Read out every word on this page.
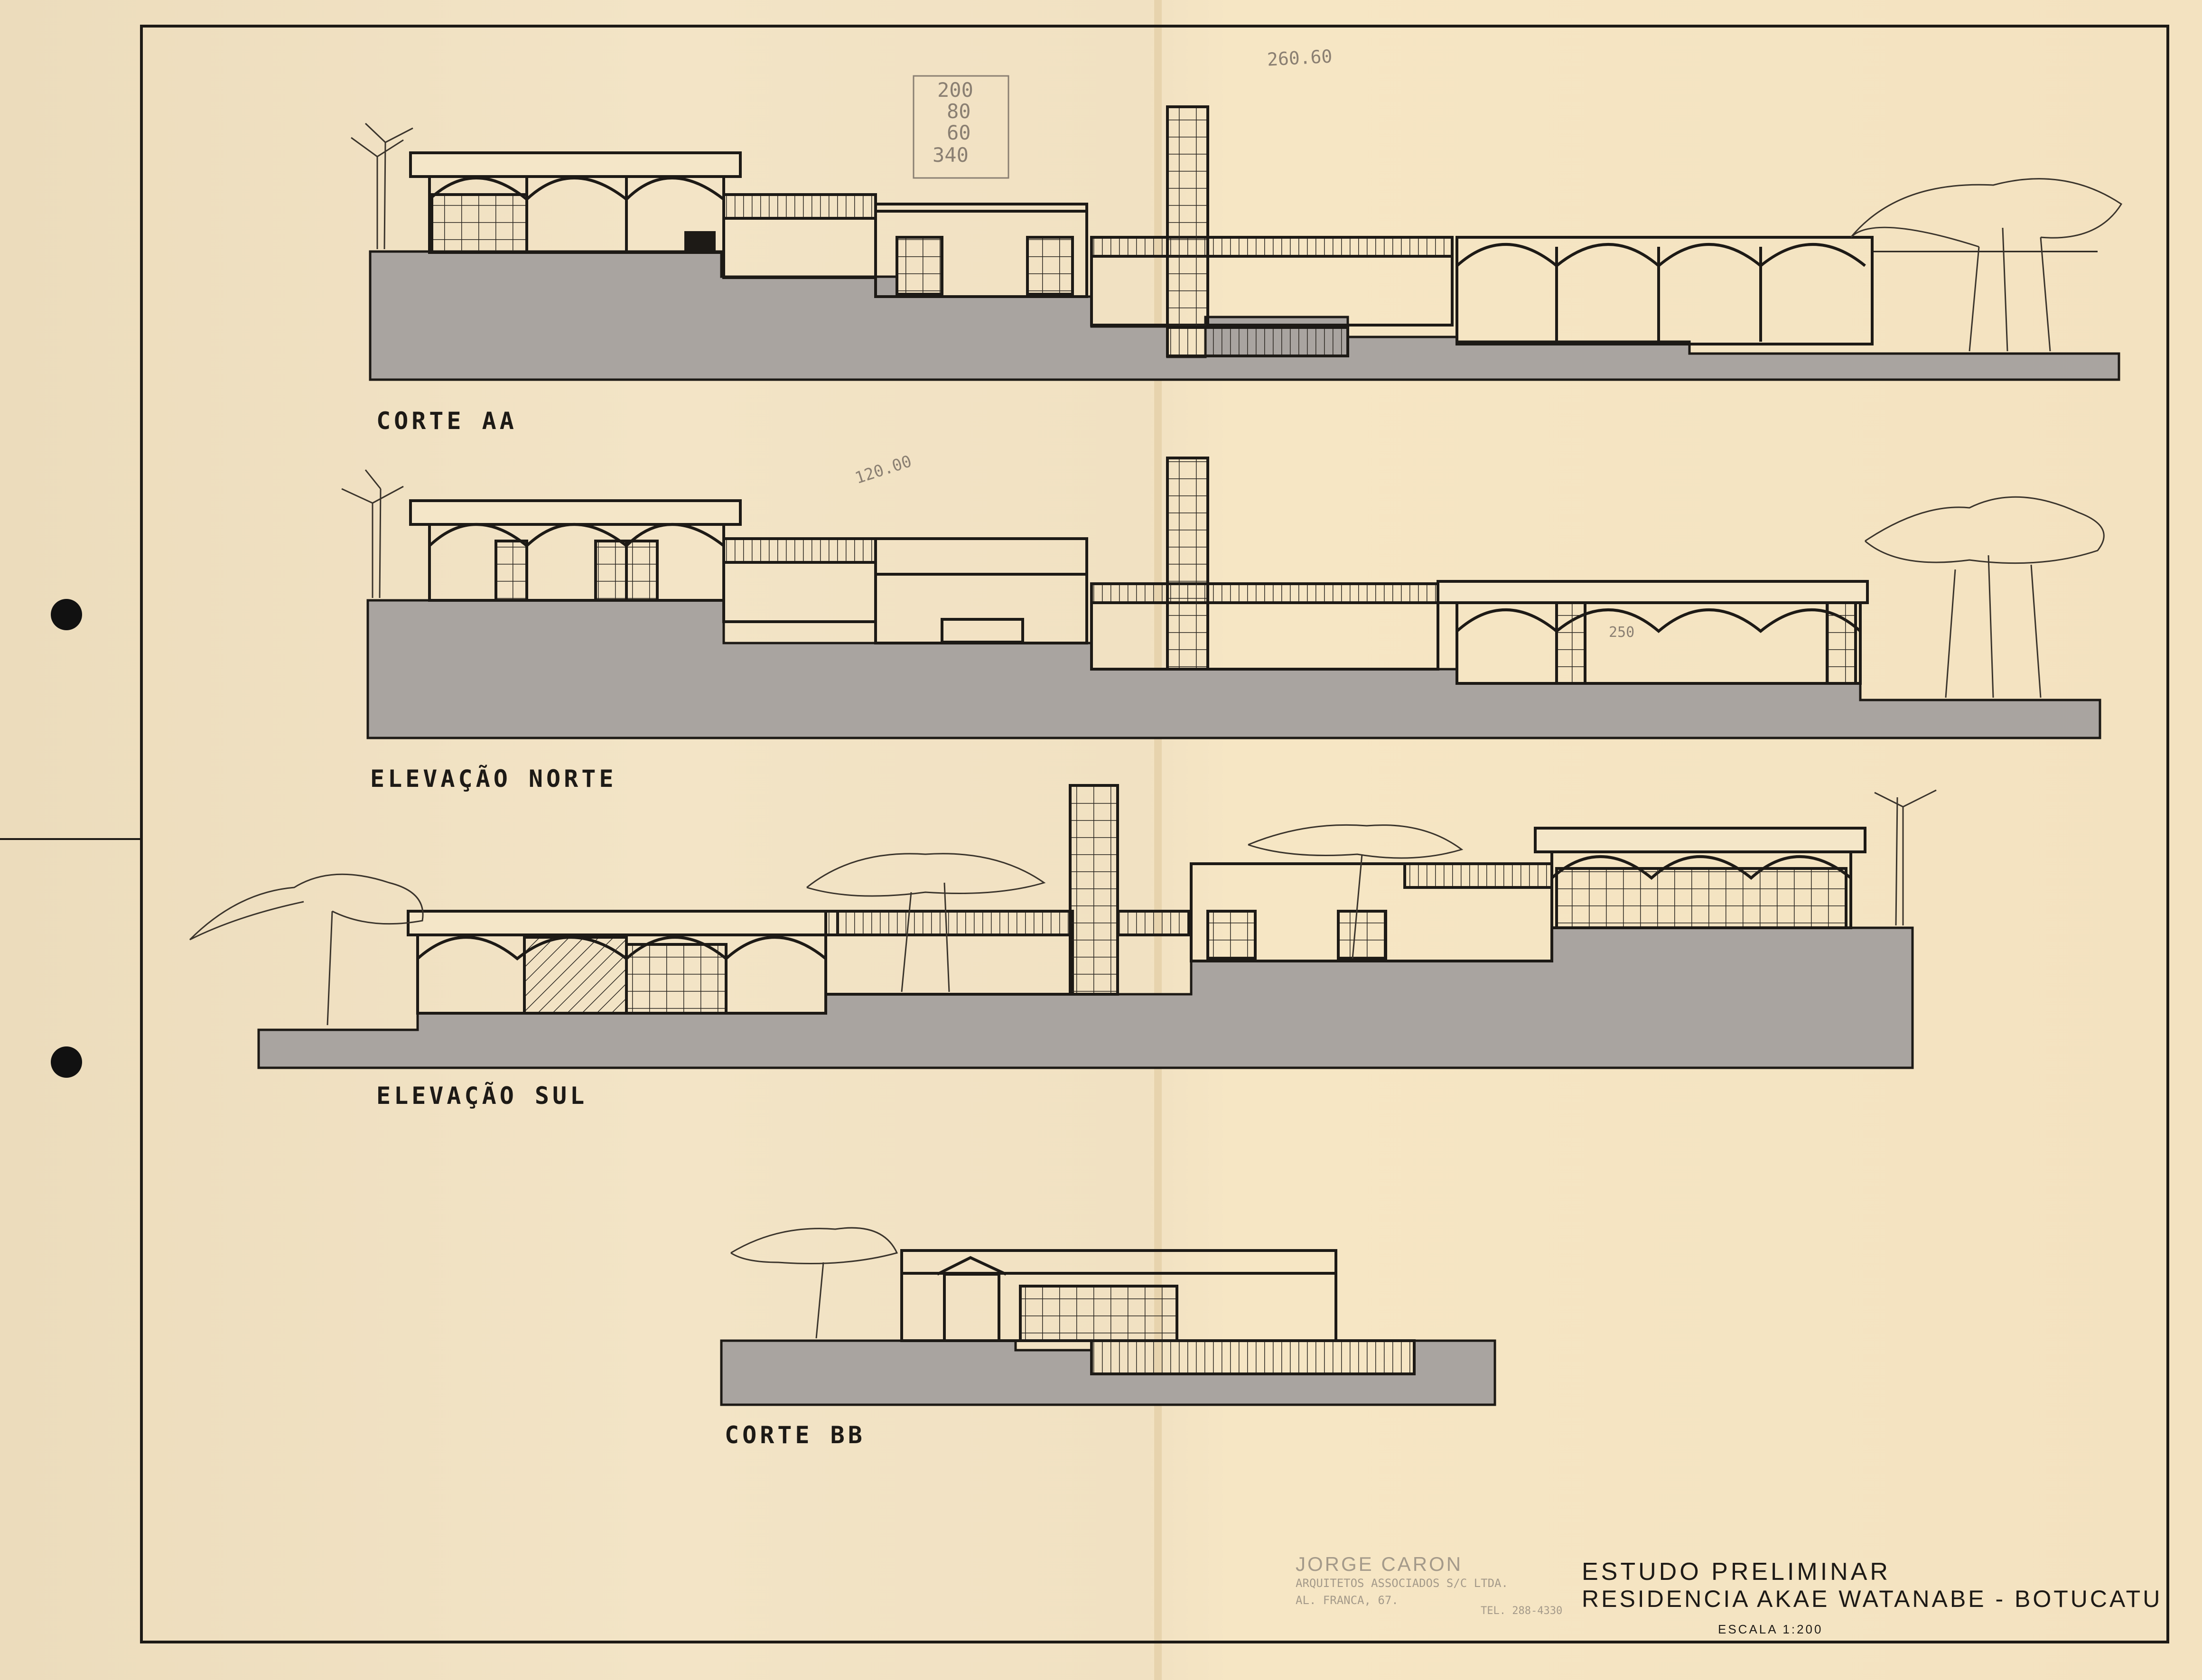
CORTE AA
ELEVAÇÃO NORTE
ELEVAÇÃO SUL
CORTE BB
260.60
200
80
60
340
120.00
250
JORGE CARON
ARQUITETOS ASSOCIADOS S/C LTDA.
AL. FRANCA, 67.
TEL. 288-4330
ESTUDO PRELIMINAR
RESIDENCIA AKAE WATANABE - BOTUCATU
ESCALA 1:200
